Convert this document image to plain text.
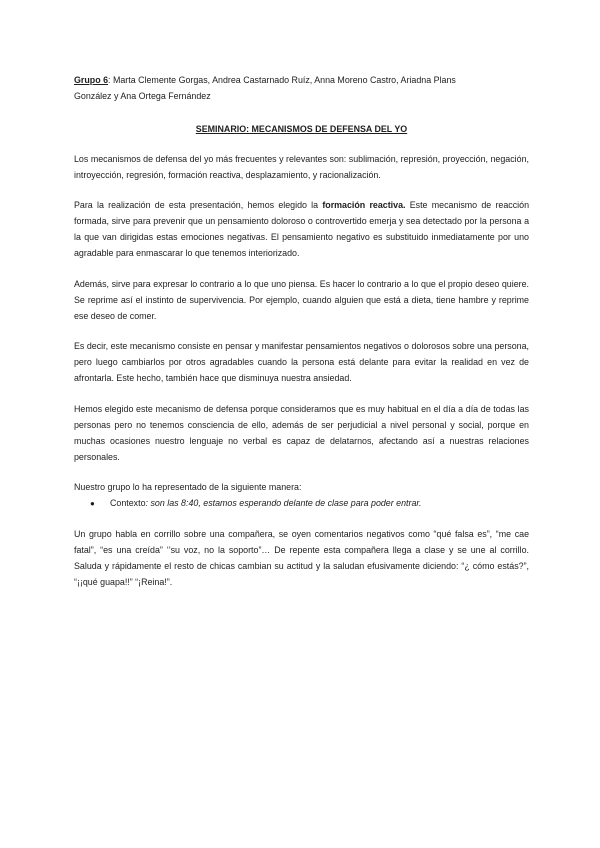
Grupo 6: Marta Clemente Gorgas, Andrea Castarnado Ruíz, Anna Moreno Castro, Ariadna Plans
González y Ana Ortega Fernández
SEMINARIO: MECANISMOS DE DEFENSA DEL YO

Los mecanismos de defensa del yo más frecuentes y relevantes son: sublimación, represión, proyección, negación, introyección, regresión, formación reactiva, desplazamiento, y racionalización.

Para la realización de esta presentación, hemos elegido la formación reactiva. Este mecanismo de reacción formada, sirve para prevenir que un pensamiento doloroso o controvertido emerja y sea detectado por la persona a la que van dirigidas estas emociones negativas. El pensamiento negativo es substituido inmediatamente por uno agradable para enmascarar lo que tenemos interiorizado.

Además, sirve para expresar lo contrario a lo que uno piensa. Es hacer lo contrario a lo que el propio deseo quiere. Se reprime así el instinto de supervivencia. Por ejemplo, cuando alguien que está a dieta, tiene hambre y reprime ese deseo de comer.

Es decir, este mecanismo consiste en pensar y manifestar pensamientos negativos o dolorosos sobre una persona, pero luego cambiarlos por otros agradables cuando la persona está delante para evitar la realidad en vez de afrontarla. Este hecho, también hace que disminuya nuestra ansiedad.

Hemos elegido este mecanismo de defensa porque consideramos que es muy habitual en el día a día de todas las personas pero no tenemos consciencia de ello, además de ser perjudicial a nivel personal y social, porque en muchas ocasiones nuestro lenguaje no verbal es capaz de delatarnos, afectando así a nuestras relaciones personales.

Nuestro grupo lo ha representado de la siguiente manera:

● Contexto: son las 8:40, estamos esperando delante de clase para poder entrar.

Un grupo habla en corrillo sobre una compañera, se oyen comentarios negativos como “qué falsa es”, “me cae fatal”, “es una creída” ‘’su voz, no la soporto”… De repente esta compañera llega a clase y se une al corrillo. Saluda y rápidamente el resto de chicas cambian su actitud y la saludan efusivamente diciendo: “¿ cómo estás?”, “¡¡qué guapa!!” “¡Reina!”.
